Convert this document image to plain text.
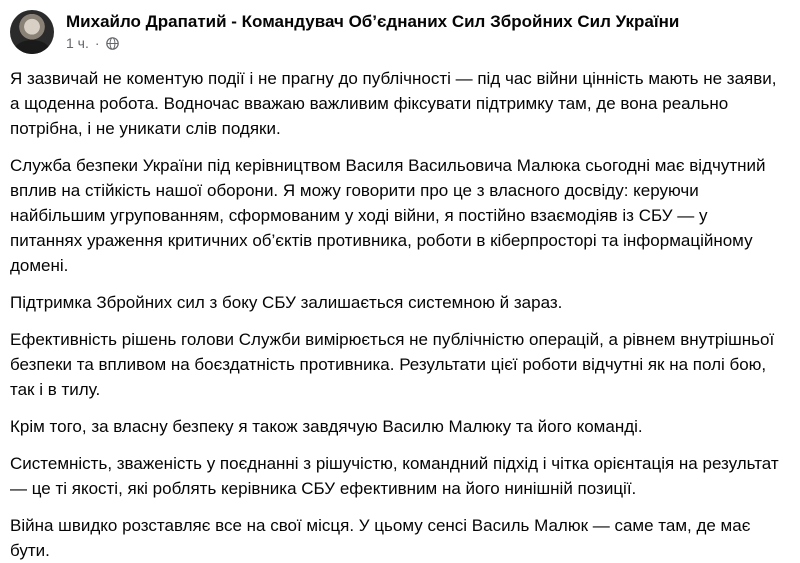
Михайло Драпатий - Командувач Об’єднаних Сил Збройних Сил України
1 ч. ·

Я зазвичай не коментую події і не прагну до публічності — під час війни цінність мають не заяви, а щоденна робота. Водночас вважаю важливим фіксувати підтримку там, де вона реально потрібна, і не уникати слів подяки.

Служба безпеки України під керівництвом Василя Васильовича Малюка сьогодні має відчутний вплив на стійкість нашої оборони. Я можу говорити про це з власного досвіду: керуючи найбільшим угрупованням, сформованим у ході війни, я постійно взаємодіяв із СБУ — у питаннях ураження критичних об’єктів противника, роботи в кіберпросторі та інформаційному домені.

Підтримка Збройних сил з боку СБУ залишається системною й зараз.

Ефективність рішень голови Служби вимірюється не публічністю операцій, а рівнем внутрішньої безпеки та впливом на боєздатність противника. Результати цієї роботи відчутні як на полі бою, так і в тилу.

Крім того, за власну безпеку я також завдячую Василю Малюку та його команді.

Системність, зваженість у поєднанні з рішучістю, командний підхід і чітка орієнтація на результат — це ті якості, які роблять керівника СБУ ефективним на його нинішній позиції.

Війна швидко розставляє все на свої місця. У цьому сенсі Василь Малюк — саме там, де має бути.
